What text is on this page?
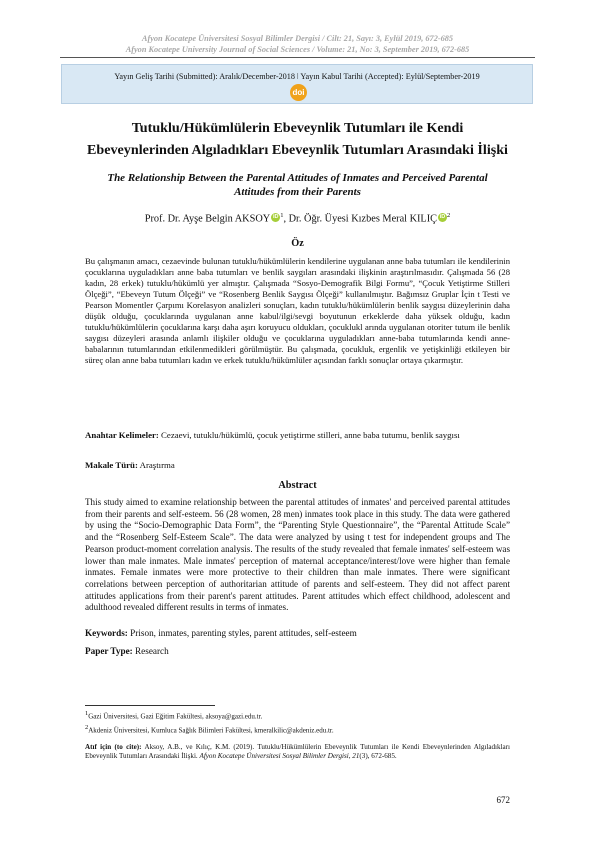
Afyon Kocatepe Üniversitesi Sosyal Bilimler Dergisi / Cilt: 21, Sayı: 3, Eylül 2019, 672-685
Afyon Kocatepe University Journal of Social Sciences / Volume: 21, No: 3, September 2019, 672-685
Yayın Geliş Tarihi (Submitted): Aralık/December-2018 ǀ Yayın Kabul Tarihi (Accepted): Eylül/September-2019
doi
Tutuklu/Hükümlülerin Ebeveynlik Tutumları ile Kendi
Ebeveynlerinden Algıladıkları Ebeveynlik Tutumları Arasındaki İlişki
The Relationship Between the Parental Attitudes of Inmates and Perceived Parental
Attitudes from their Parents
Prof. Dr. Ayşe Belgin AKSOY iD $^1$, Dr. Öğr. Üyesi Kızbes Meral KILIÇ iD $^2$
Öz
Bu çalışmanın amacı, cezaevinde bulunan tutuklu/hükümlülerin kendilerine uygulanan anne baba tutumları ile kendilerinin çocuklarına uyguladıkları anne baba tutumları ve benlik saygıları arasındaki ilişkinin araştırılmasıdır. Çalışmada 56 (28 kadın, 28 erkek) tutuklu/hükümlü yer almıştır. Çalışmada “Sosyo-Demografik Bilgi Formu”, “Çocuk Yetiştirme Stilleri Ölçeği”, “Ebeveyn Tutum Ölçeği” ve “Rosenberg Benlik Saygısı Ölçeği” kullanılmıştır. Bağımsız Gruplar İçin t Testi ve Pearson Momentler Çarpımı Korelasyon analizleri sonuçları, kadın tutuklu/hükümlülerin benlik saygısı düzeylerinin daha düşük olduğu, çocuklarında uygulanan anne kabul/ilgi/sevgi boyutunun erkeklerde daha yüksek olduğu, kadın tutuklu/hükümlülerin çocuklarına karşı daha aşırı koruyucu oldukları, çocuklukl arında uygulanan otoriter tutum ile benlik saygısı düzeyleri arasında anlamlı ilişkiler olduğu ve çocuklarına uyguladıkları anne-baba tutumlarında kendi anne- babalarının tutumlarından etkilenmedikleri görülmüştür. Bu çalışmada, çocukluk, ergenlik ve yetişkinliği etkileyen bir süreç olan anne baba tutumları kadın ve erkek tutuklu/hükümlüler açısından farklı sonuçlar ortaya çıkarmıştır.
Anahtar Kelimeler: Cezaevi, tutuklu/hükümlü, çocuk yetiştirme stilleri, anne baba tutumu, benlik saygısı
Makale Türü: Araştırma
Abstract
This study aimed to examine relationship between the parental attitudes of inmates' and perceived parental attitudes from their parents and self-esteem. 56 (28 women, 28 men) inmates took place in this study. The data were gathered by using the “Socio-Demographic Data Form”, the “Parenting Style Questionnaire”, the “Parental Attitude Scale” and the “Rosenberg Self-Esteem Scale”. The data were analyzed by using t test for independent groups and The Pearson product-moment correlation analysis. The results of the study revealed that female inmates' self-esteem was lower than male inmates. Male inmates' perception of maternal acceptance/interest/love were higher than female inmates. Female inmates were more protective to their children than male inmates. There were significant correlations between perception of authoritarian attitude of parents and self-esteem. They did not affect parent attitudes applications from their parent's parent attitudes. Parent attitudes which effect childhood, adolescent and adulthood revealed different results in terms of inmates.
Keywords: Prison, inmates, parenting styles, parent attitudes, self-esteem
Paper Type: Research
$^1$Gazi Üniversitesi, Gazi Eğitim Fakültesi, aksoya@gazi.edu.tr.
$^2$Akdeniz Üniversitesi, Kumluca Sağlık Bilimleri Fakültesi, kmeralkilic@akdeniz.edu.tr.
Atıf için (to cite): Aksoy, A.B., ve Kılıç, K.M. (2019). Tutuklu/Hükümlülerin Ebeveynlik Tutumları ile Kendi Ebeveynlerinden Algıladıkları Ebeveynlik Tutumları Arasındaki İlişki. Afyon Kocatepe Üniversitesi Sosyal Bilimler Dergisi, 21(3), 672-685.
672
